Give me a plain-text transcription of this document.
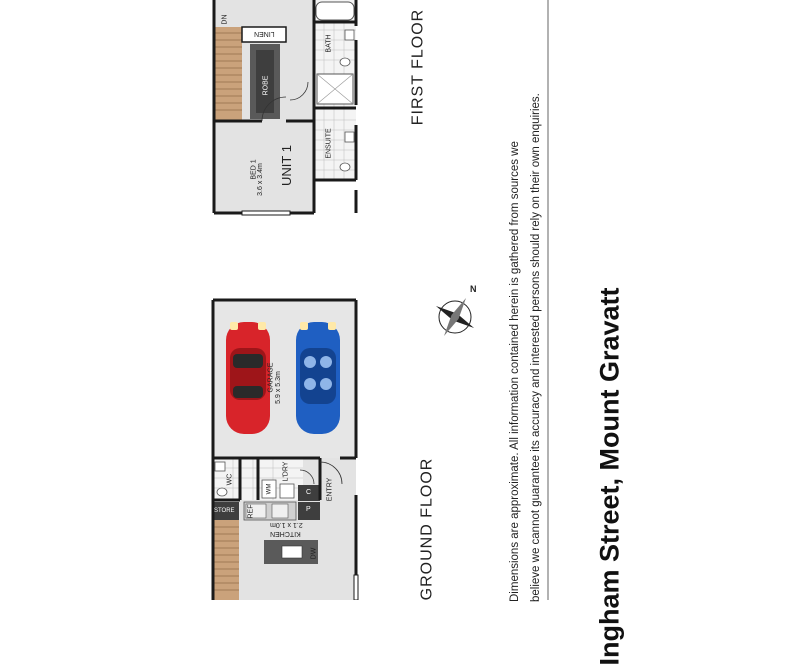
FIRST FLOOR
GROUND FLOOR
UNIT 1
BED 1 3.6 x 3.4m
ROBE
LINEN
BATH
ENSUITE
DN
GARAGE 5.9 x 5.3m
KITCHEN
2.1 x 1.0m
WC	L'DRY
WM	C
P
ENTRY
REF
STORE
DW
N	Dimensions are approximate. All information contained herein is gathered from sources we believe we cannot guarantee its accuracy and interested persons should rely on their own enquiries. Ingham Street, Mount Gravatt
